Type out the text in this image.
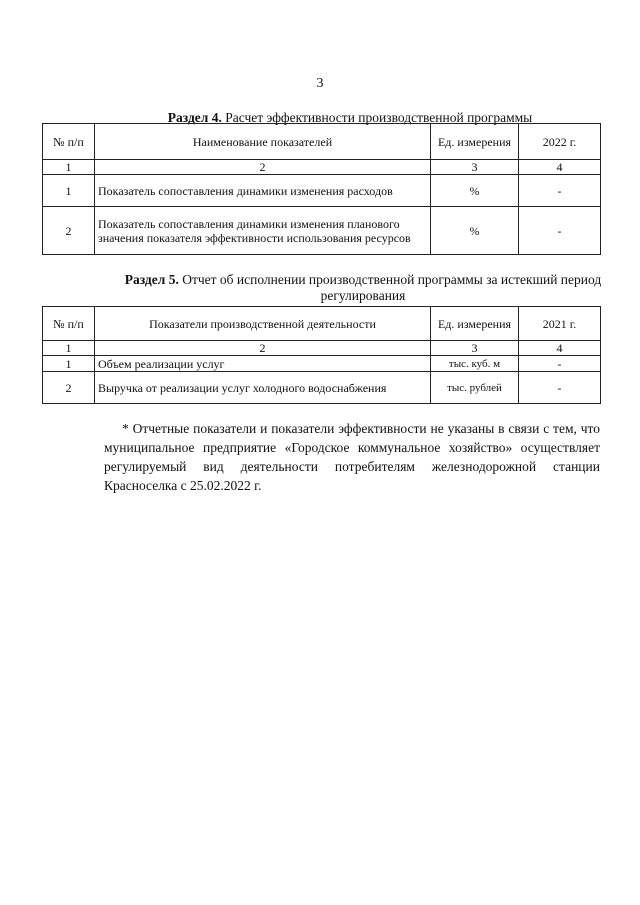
3
Раздел 4. Расчет эффективности производственной программы
№ п/п	Наименование показателей	Ед. измерения	2022 г.
1	2	3	4
1	Показатель сопоставления динамики изменения расходов	%	-
2	Показатель сопоставления динамики изменения планового значения показателя эффективности использования ресурсов	%	-
Раздел 5. Отчет об исполнении производственной программы за истекший период регулирования
№ п/п	Показатели производственной деятельности	Ед. измерения	2021 г.
1	2	3	4
1	Объем реализации услуг	тыс. куб. м	-
2	Выручка от реализации услуг холодного водоснабжения	тыс. рублей	-

* Отчетные показатели и показатели эффективности не указаны в связи с тем, что муниципальное предприятие «Городское коммунальное хозяйство» осуществляет регулируемый вид деятельности потребителям железнодорожной станции Красноселка с 25.02.2022 г.
